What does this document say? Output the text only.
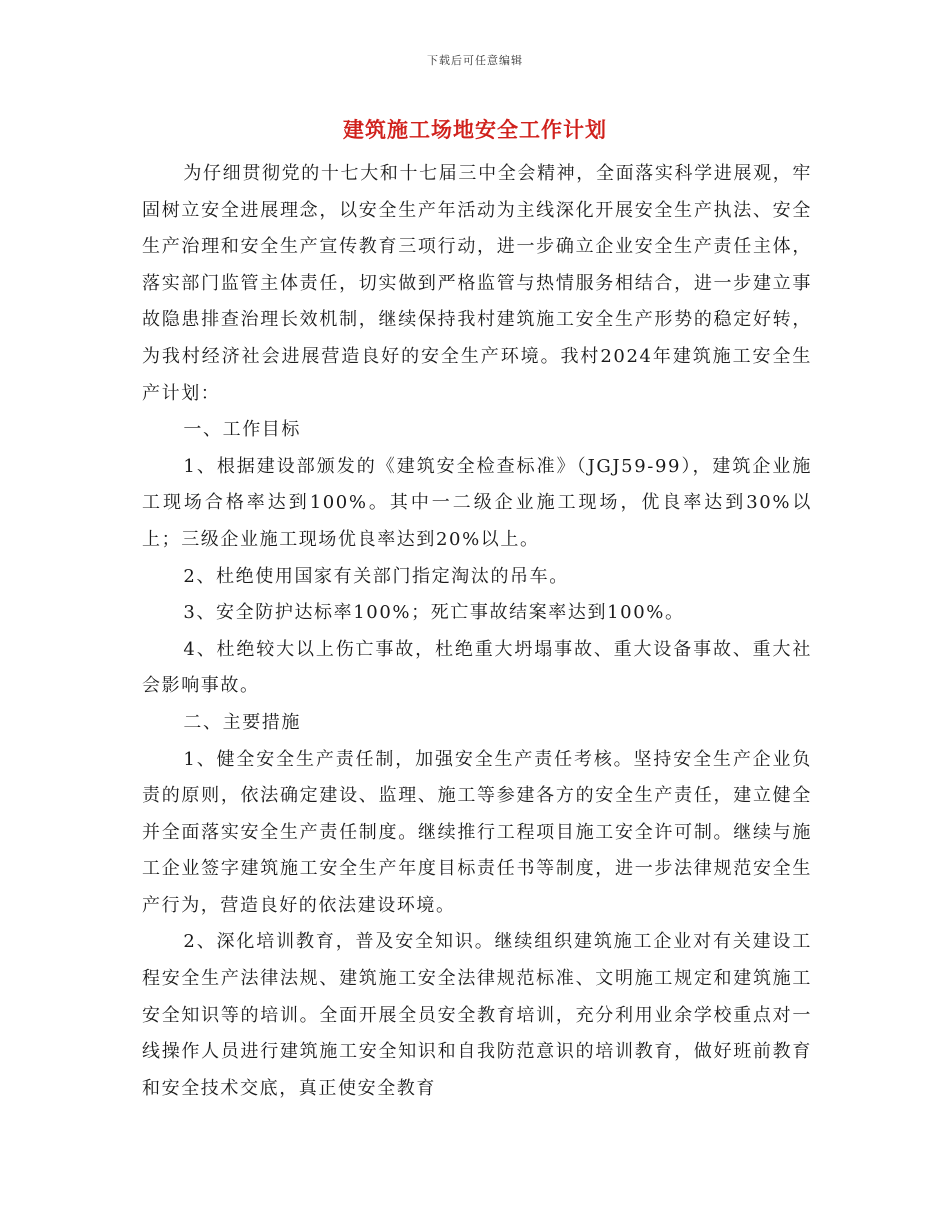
下载后可任意编辑
建筑施工场地安全工作计划

为仔细贯彻党的十七大和十七届三中全会精神，全面落实科学进展观，牢固树立安全进展理念，以安全生产年活动为主线深化开展安全生产执法、安全生产治理和安全生产宣传教育三项行动，进一步确立企业安全生产责任主体，落实部门监管主体责任，切实做到严格监管与热情服务相结合，进一步建立事故隐患排查治理长效机制，继续保持我村建筑施工安全生产形势的稳定好转，为我村经济社会进展营造良好的安全生产环境。我村2024年建筑施工安全生产计划：

一、工作目标

1、根据建设部颁发的《建筑安全检查标准》（JGJ59-99），建筑企业施工现场合格率达到100%。其中一二级企业施工现场，优良率达到30%以上；三级企业施工现场优良率达到20%以上。

2、杜绝使用国家有关部门指定淘汰的吊车。

3、安全防护达标率100%；死亡事故结案率达到100%。

4、杜绝较大以上伤亡事故，杜绝重大坍塌事故、重大设备事故、重大社会影响事故。

二、主要措施

1、健全安全生产责任制，加强安全生产责任考核。坚持安全生产企业负责的原则，依法确定建设、监理、施工等参建各方的安全生产责任，建立健全并全面落实安全生产责任制度。继续推行工程项目施工安全许可制。继续与施工企业签字建筑施工安全生产年度目标责任书等制度，进一步法律规范安全生产行为，营造良好的依法建设环境。

2、深化培训教育，普及安全知识。继续组织建筑施工企业对有关建设工程安全生产法律法规、建筑施工安全法律规范标准、文明施工规定和建筑施工安全知识等的培训。全面开展全员安全教育培训，充分利用业余学校重点对一线操作人员进行建筑施工安全知识和自我防范意识的培训教育，做好班前教育和安全技术交底，真正使安全教育
